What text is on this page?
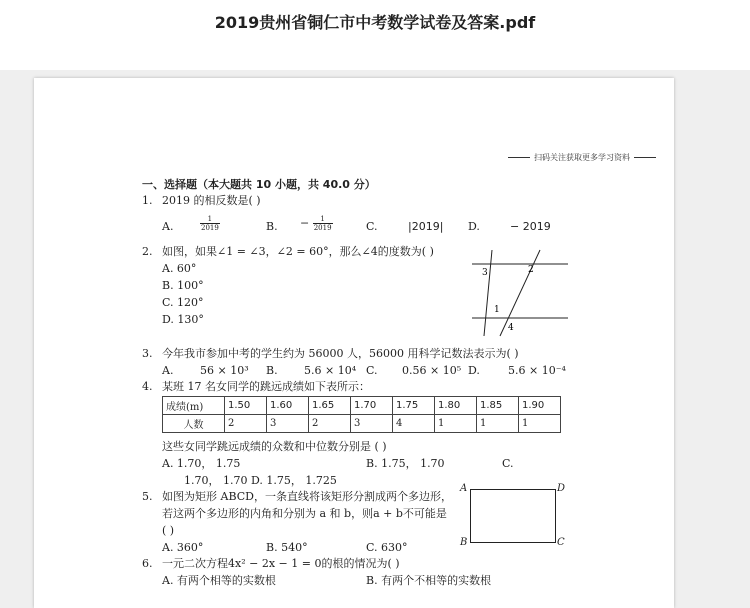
2019贵州省铜仁市中考数学试卷及答案.pdf
扫码关注获取更多学习资料
一、选择题（本大题共 10 小题，共 40.0 分）
1. 2019 的相反数是( )
A.	$\frac{1}{2019}$	B. − $\frac{1}{2019}$	C.	|2019| D.	− 2019
2. 如图，如果∠1 = ∠3，∠2 = 60°，那么∠4的度数为( )
A. 60°
B. 100°
C. 120°
D. 130°
3	2
1
4
3. 今年我市参加中考的学生约为 56000 人，56000 用科学记数法表示为( )
A. 56 × 10³ B. 5.6 × 10⁴ C. 0.56 × 10⁵ D.	5.6 × 10⁻⁴
4. 某班 17 名女同学的跳远成绩如下表所示：
成绩(m)	1.50	1.60	1.65	1.70	1.75	1.80	1.85	1.90
人数	2	3	2	3	4	1	1	1
这些女同学跳远成绩的众数和中位数分别是 ( )
A. 1.70， 1.75	B. 1.75， 1.70	C.
1.70， 1.70 D. 1.75， 1.725
5. 如图为矩形 ABCD，一条直线将该矩形分割成两个多边形，
若这两个多边形的内角和分别为 a 和 b，则a + b不可能是
( )
A. 360°	B. 540°	C. 630°
A	D
B	C
6. 一元二次方程4x² − 2x − 1 = 0的根的情况为( )
A. 有两个相等的实数根	B. 有两个不相等的实数根
